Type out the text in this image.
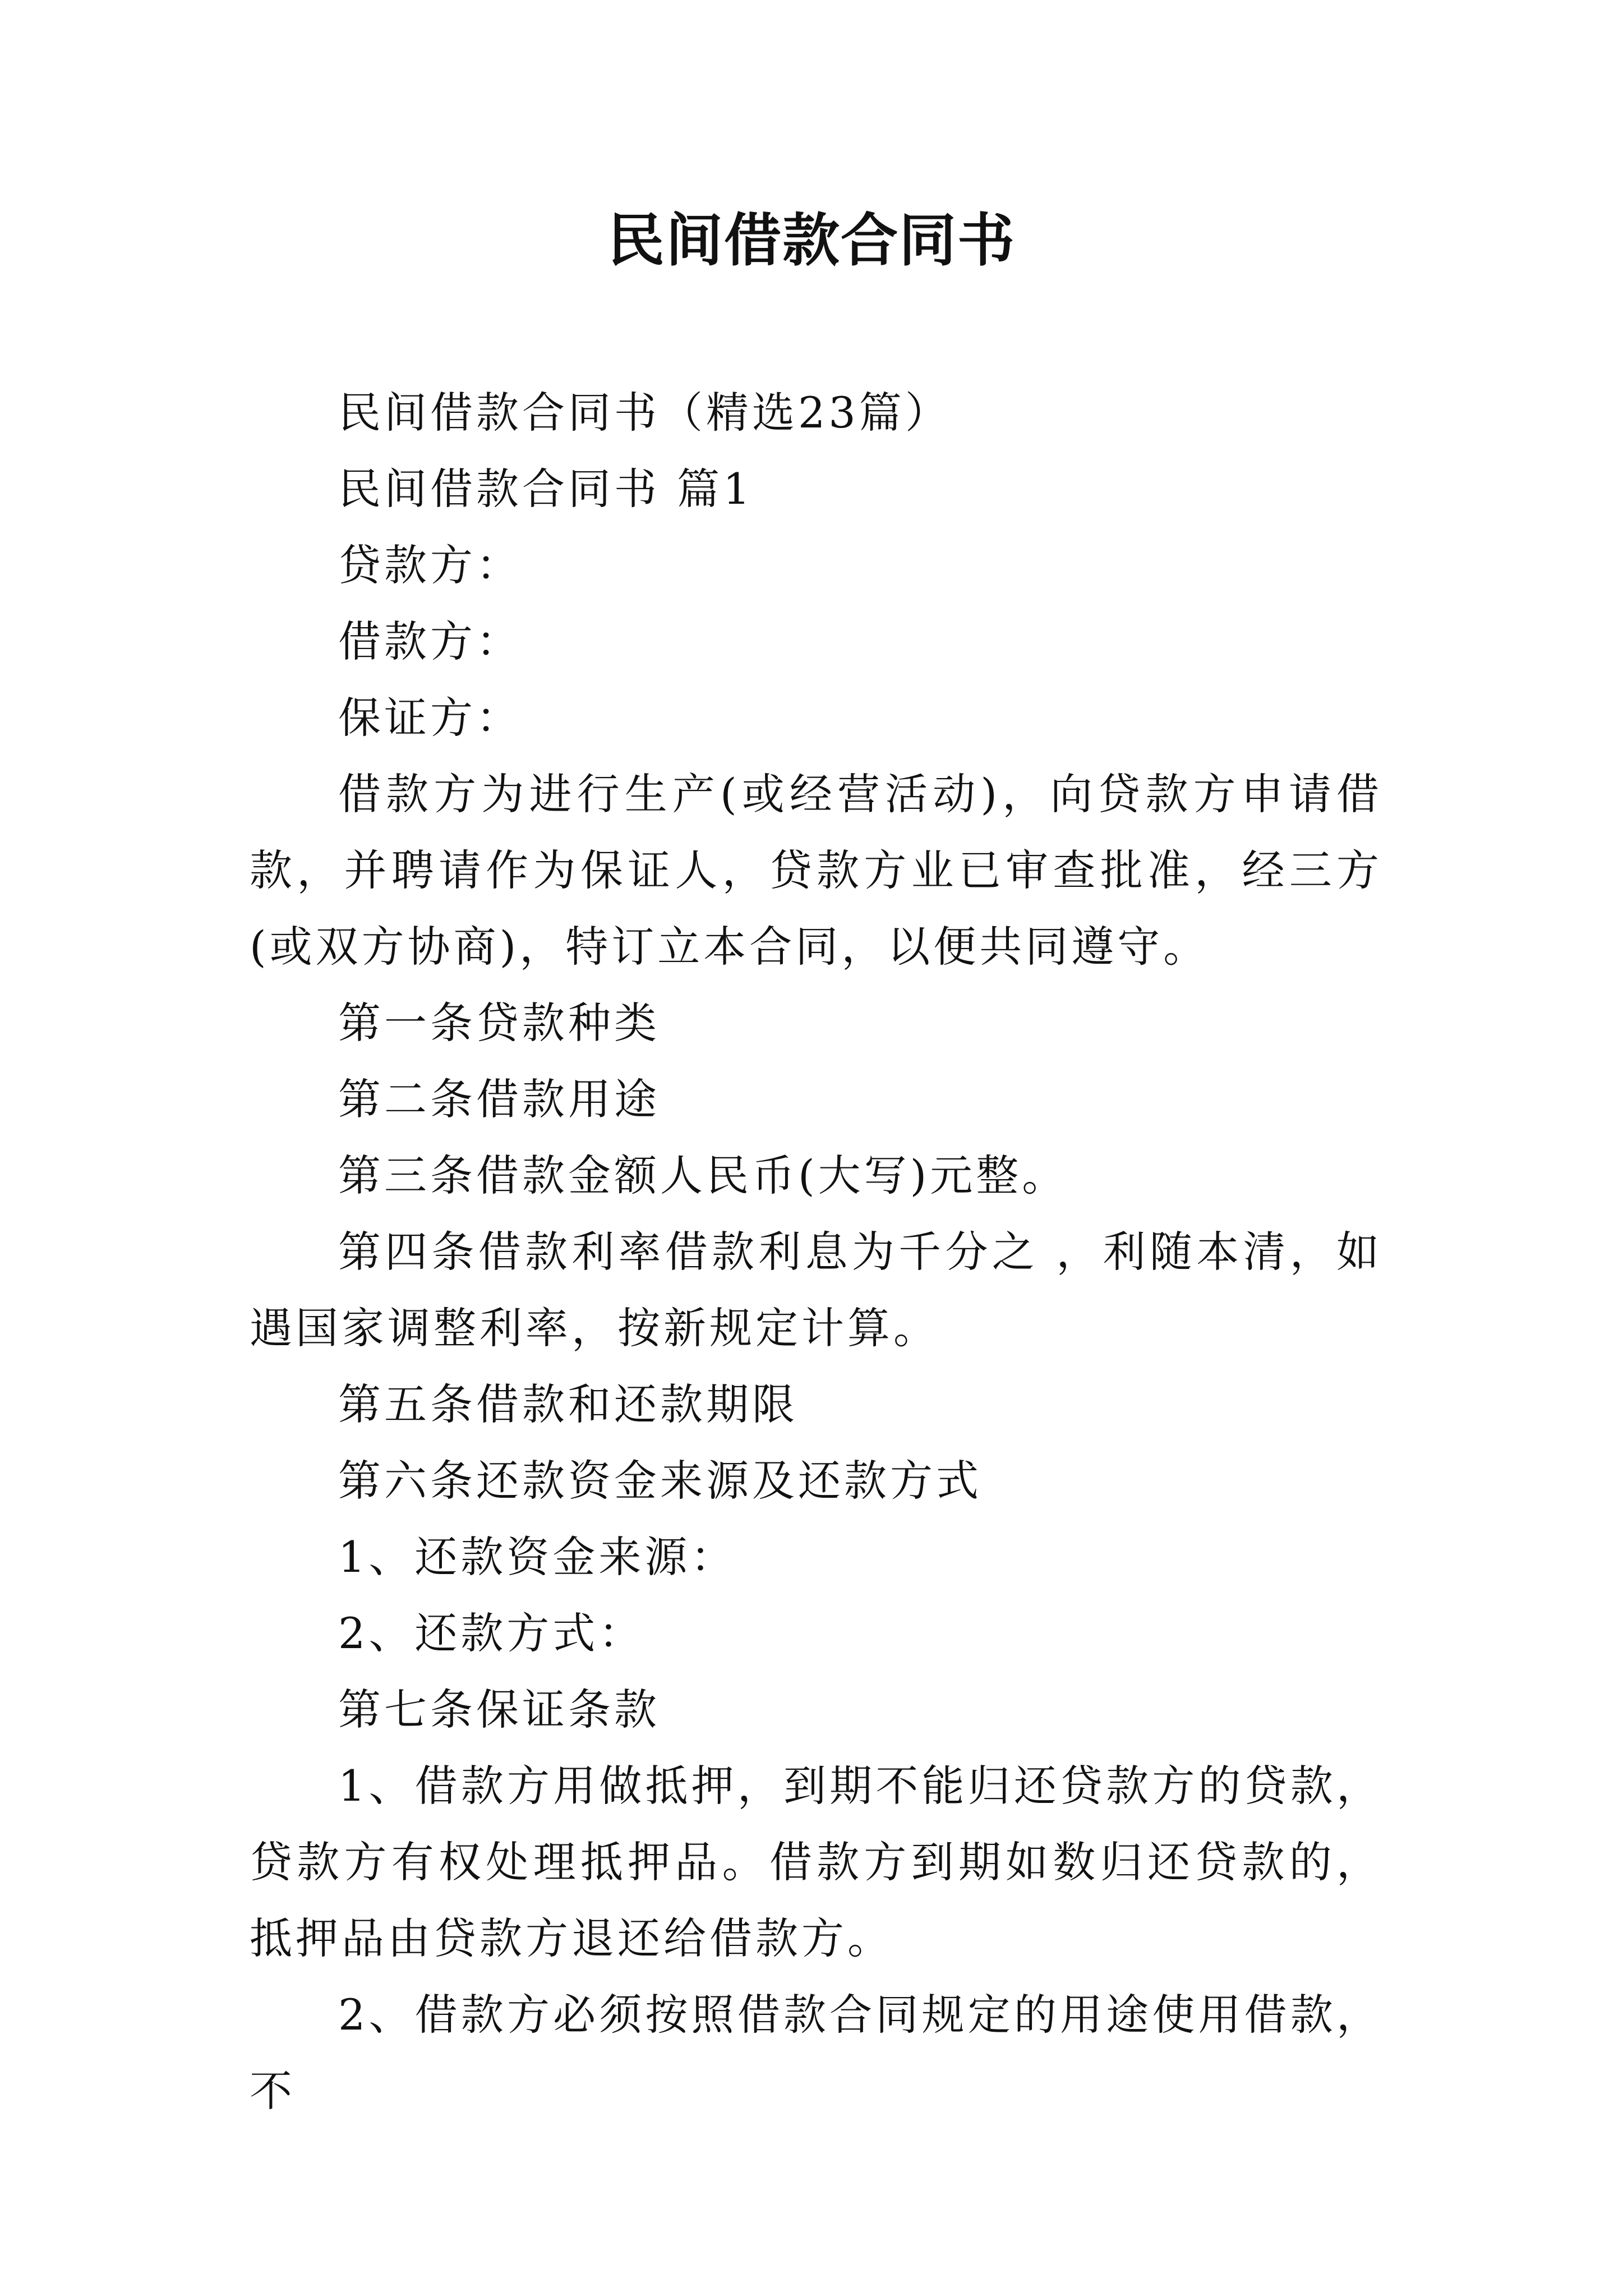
民间借款合同书

民间借款合同书（精选23篇）

民间借款合同书 篇1

贷款方：

借款方：

保证方：

借款方为进行生产(或经营活动)，向贷款方申请借款，并聘请作为保证人，贷款方业已审查批准，经三方(或双方协商)，特订立本合同，以便共同遵守。

第一条贷款种类

第二条借款用途

第三条借款金额人民币(大写)元整。

第四条借款利率借款利息为千分之 ，利随本清，如遇国家调整利率，按新规定计算。

第五条借款和还款期限

第六条还款资金来源及还款方式

1、还款资金来源：

2、还款方式：

第七条保证条款

1、借款方用做抵押，到期不能归还贷款方的贷款，贷款方有权处理抵押品。借款方到期如数归还贷款的，抵押品由贷款方退还给借款方。

2、借款方必须按照借款合同规定的用途使用借款，不
